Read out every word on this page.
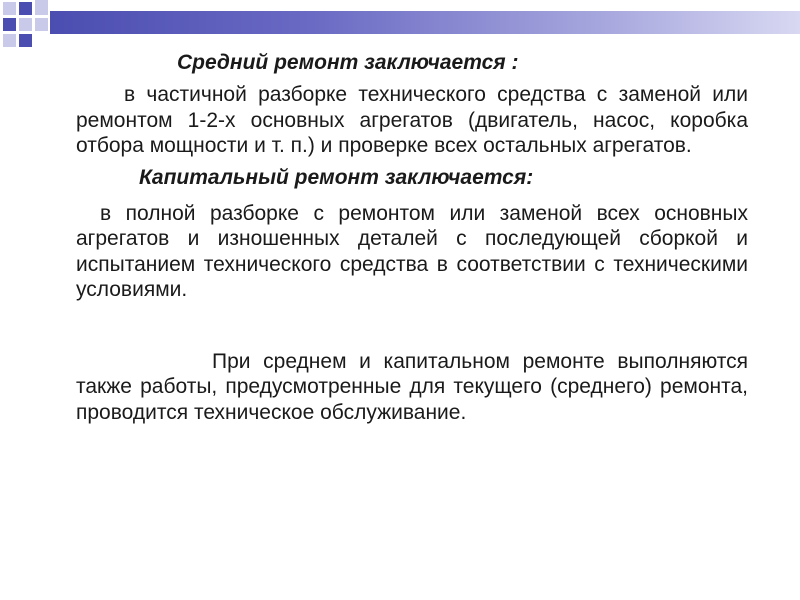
Средний ремонт заключается :

в частичной разборке технического средства с заменой или ремонтом 1-2-х основных агрегатов (двигатель, насос, коробка отбора мощности и т. п.) и проверке всех остальных агрегатов.

Капитальный ремонт заключается:

в полной разборке с ремонтом или заменой всех основных агрегатов и изношенных деталей с последующей сборкой и испытанием технического средства в соответствии с техническими условиями.

При среднем и капитальном ремонте выполняются также работы, предусмотренные для текущего (среднего) ремонта, проводится техническое обслуживание.
